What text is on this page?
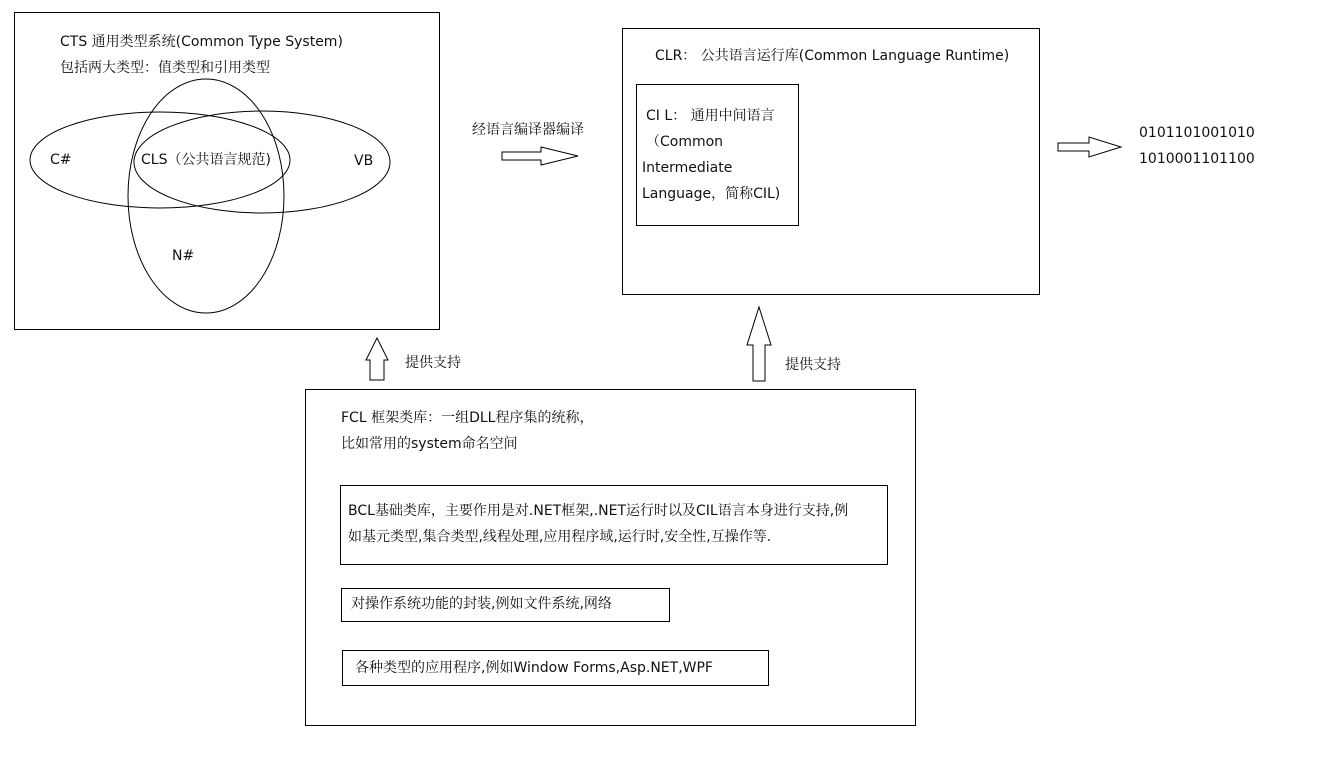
CTS 通用类型系统(Common Type System)
包括两大类型：值类型和引用类型
C#	CLS（公共语言规范)	VB
N#
经语言编译器编译
CLR： 公共语言运行库(Common Language Runtime)
CI L： 通用中间语言
（Common
Intermediate
Language，简称CIL)
0101101001010
1010001101100
提供支持	提供支持
FCL 框架类库：一组DLL程序集的统称，
比如常用的system命名空间
BCL基础类库，主要作用是对.NET框架,.NET运行时以及CIL语言本身进行支持,例
如基元类型,集合类型,线程处理,应用程序域,运行时,安全性,互操作等.
对操作系统功能的封装,例如文件系统,网络
各种类型的应用程序,例如Window Forms,Asp.NET,WPF
